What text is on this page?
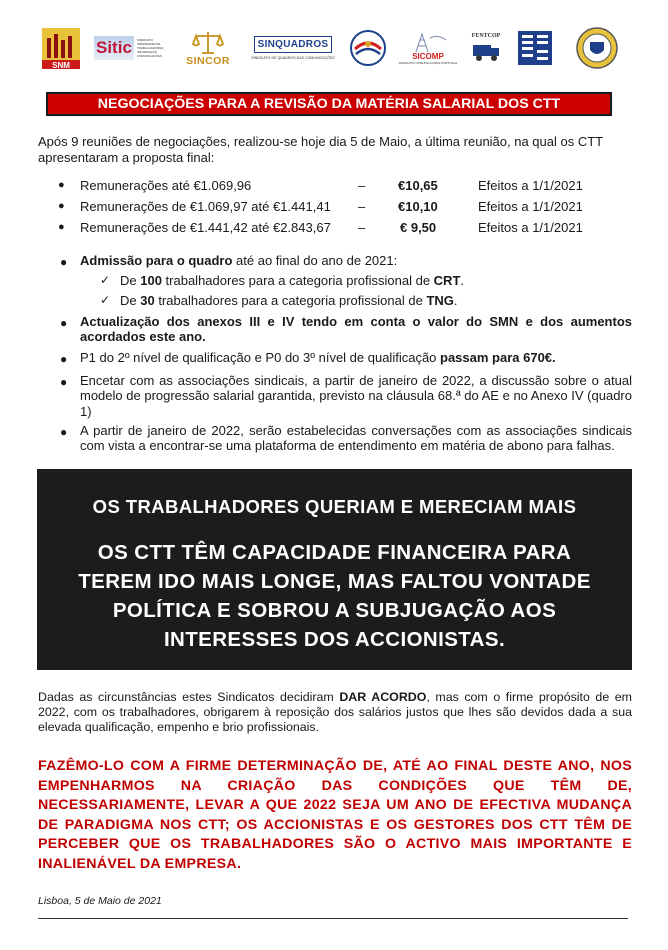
SNM
Sitic	SINDICATO INDEPENDENTE TRABALHADORES INFORMAÇÃO COMUNICAÇÕES	SINCOR
SINQUADROS
SINDICATO DE QUADROS DAS COMUNICAÇÕES	SICOMP
SINDICATO COMUNICAÇÕES PORTUGAL
FENTCOP
NEGOCIAÇÕES PARA A REVISÃO DA MATÉRIA SALARIAL DOS CTT
Após 9 reuniões de negociações, realizou-se hoje dia 5 de Maio, a última reunião, na qual os CTT apresentaram a proposta final:
● Remunerações até €1.069,96	–	€10,65	Efeitos a 1/1/2021
● Remunerações de €1.069,97 até €1.441,41 –	€10,10	Efeitos a 1/1/2021
● Remunerações de €1.441,42 até €2.843,67 –	€ 9,50	Efeitos a 1/1/2021
● Admissão para o quadro até ao final do ano de 2021:
✓ De 100 trabalhadores para a categoria profissional de CRT.
✓ De 30 trabalhadores para a categoria profissional de TNG.
● Actualização dos anexos III e IV tendo em conta o valor do SMN e dos aumentos acordados este ano.
● P1 do 2º nível de qualificação e P0 do 3º nível de qualificação passam para 670€.
● Encetar com as associações sindicais, a partir de janeiro de 2022, a discussão sobre o atual modelo de progressão salarial garantida, previsto na cláusula 68.ª do AE e no Anexo IV (quadro 1)
● A partir de janeiro de 2022, serão estabelecidas conversações com as associações sindicais com vista a encontrar-se uma plataforma de entendimento em matéria de abono para falhas.
OS TRABALHADORES QUERIAM E MERECIAM MAIS
OS CTT TÊM CAPACIDADE FINANCEIRA PARA
TEREM IDO MAIS LONGE, MAS FALTOU VONTADE
POLÍTICA E SOBROU A SUBJUGAÇÃO AOS
INTERESSES DOS ACCIONISTAS.
Dadas as circunstâncias estes Sindicatos decidiram DAR ACORDO, mas com o firme propósito de em 2022, com os trabalhadores, obrigarem à reposição dos salários justos que lhes são devidos dada a sua elevada qualificação, empenho e brio profissionais.
FAZÊMO-LO COM A FIRME DETERMINAÇÃO DE, ATÉ AO FINAL DESTE ANO, NOS EMPENHARMOS NA CRIAÇÃO DAS CONDIÇÕES QUE TÊM DE, NECESSARIAMENTE, LEVAR A QUE 2022 SEJA UM ANO DE EFECTIVA MUDANÇA DE PARADIGMA NOS CTT; OS ACCIONISTAS E OS GESTORES DOS CTT TÊM DE PERCEBER QUE OS TRABALHADORES SÃO O ACTIVO MAIS IMPORTANTE E INALIENÁVEL DA EMPRESA.
Lisboa, 5 de Maio de 2021
